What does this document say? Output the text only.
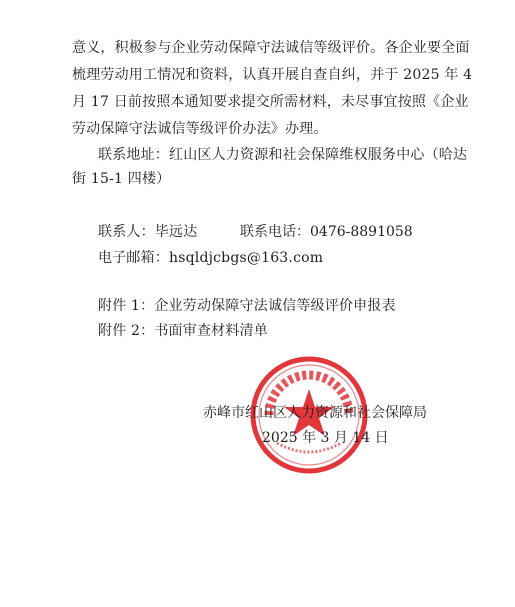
意义，积极参与企业劳动保障守法诚信等级评价。各企业要全面
梳理劳动用工情况和资料，认真开展自查自纠，并于 2025 年 4
月 17 日前按照本通知要求提交所需材料，未尽事宜按照《企业
劳动保障守法诚信等级评价办法》办理。
联系地址：红山区人力资源和社会保障维权服务中心（哈达
街 15-1 四楼）
联系人：毕远达	联系电话：0476-8891058
电子邮箱：hsqldjcbgs@163.com
附件 1：企业劳动保障守法诚信等级评价申报表
附件 2：书面审查材料清单
赤峰市红山区人力资源和社会保障局
2025 年 3 月 14 日
